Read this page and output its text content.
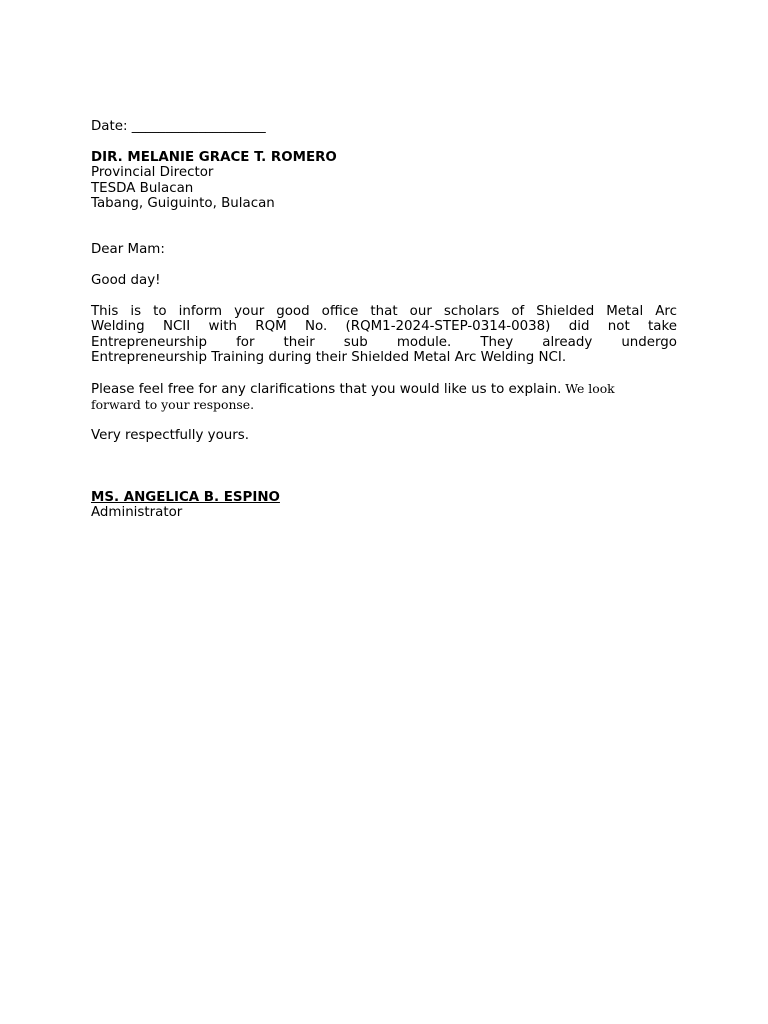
Date: ____________________
DIR. MELANIE GRACE T. ROMERO
Provincial Director
TESDA Bulacan
Tabang, Guiguinto, Bulacan
Dear Mam:
Good day!
This is to inform your good office that our scholars of Shielded Metal Arc
Welding NCII with RQM No. (RQM1-2024-STEP-0314-0038) did not take
Entrepreneurship for their sub module. They already undergo
Entrepreneurship Training during their Shielded Metal Arc Welding NCI.
Please feel free for any clarifications that you would like us to explain. We look
forward to your response.
Very respectfully yours.
MS. ANGELICA B. ESPINO
Administrator
